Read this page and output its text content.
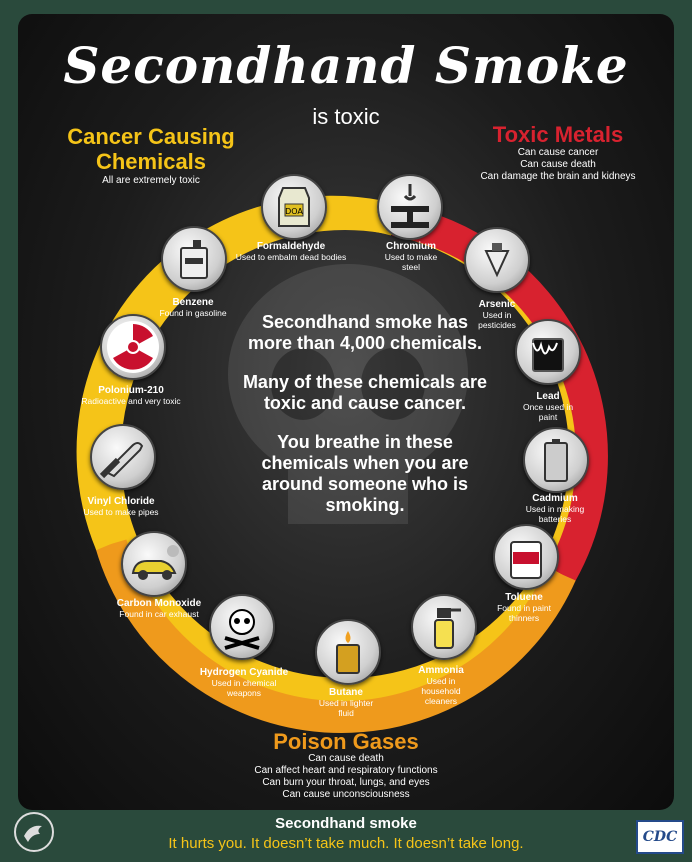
Secondhand Smoke
is toxic
Cancer Causing
Chemicals
All are extremely toxic
Toxic Metals
Can cause cancer
Can cause death
Can damage the brain and kidneys
Poison Gases
Can cause death
Can affect heart and respiratory functions
Can burn your throat, lungs, and eyes
Can cause unconsciousness

Secondhand smoke has more than 4,000 chemicals.

Many of these chemicals are toxic and cause cancer.

You breathe in these chemicals when you are around someone who is smoking.

DOA
Formaldehyde
Used to embalm dead bodies
Benzene
Found in gasoline
Polonium-210
Radioactive and very toxic
Vinyl Chloride
Used to make pipes
Carbon Monoxide
Found in car exhaust
Hydrogen Cyanide
Used in chemical weapons	Butane
Used in lighter fluid
Ammonia
Used in household cleaners
Toluene
Found in paint thinners
Cadmium
Used in making batteries
Lead
Once used in paint
Arsenic
Used in pesticides
Chromium
Used to make steel
Secondhand smoke
It hurts you. It doesn’t take much. It doesn’t take long.	CDC
